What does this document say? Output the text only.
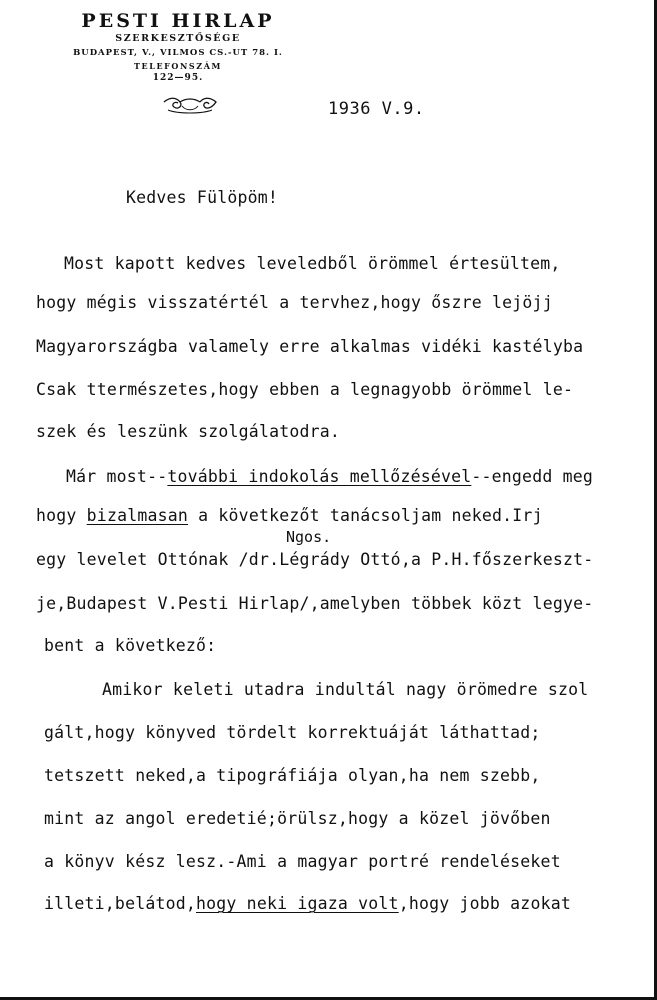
PESTI HIRLAP
SZERKESZTŐSÉGE
BUDAPEST, V., VILMOS CS.-UT 78. I.
TELEFONSZÁM
122—95.
1936 V.9.
Kedves Fülöpöm!
Most kapott kedves leveledből örömmel értesültem,
hogy mégis visszatértél a tervhez,hogy őszre lejöjj
Magyarországba valamely erre alkalmas vidéki kastélyba
Csak ttermészetes,hogy ebben a legnagyobb örömmel le-
szek és leszünk szolgálatodra.
Már most--további indokolás mellőzésével--engedd meg
hogy bizalmasan a következőt tanácsoljam neked.Irj
Ngos.
egy levelet Ottónak /dr.Légrády Ottó,a P.H.főszerkeszt-
je,Budapest V.Pesti Hirlap/,amelyben többek közt legye-
bent a következő:
Amikor keleti utadra indultál nagy örömedre szol
gált,hogy könyved tördelt korrektuáját láthattad;
tetszett neked,a tipográfiája olyan,ha nem szebb,
mint az angol eredetié;örülsz,hogy a közel jövőben
a könyv kész lesz.-Ami a magyar portré rendeléseket
illeti,belátod,hogy neki igaza volt,hogy jobb azokat
